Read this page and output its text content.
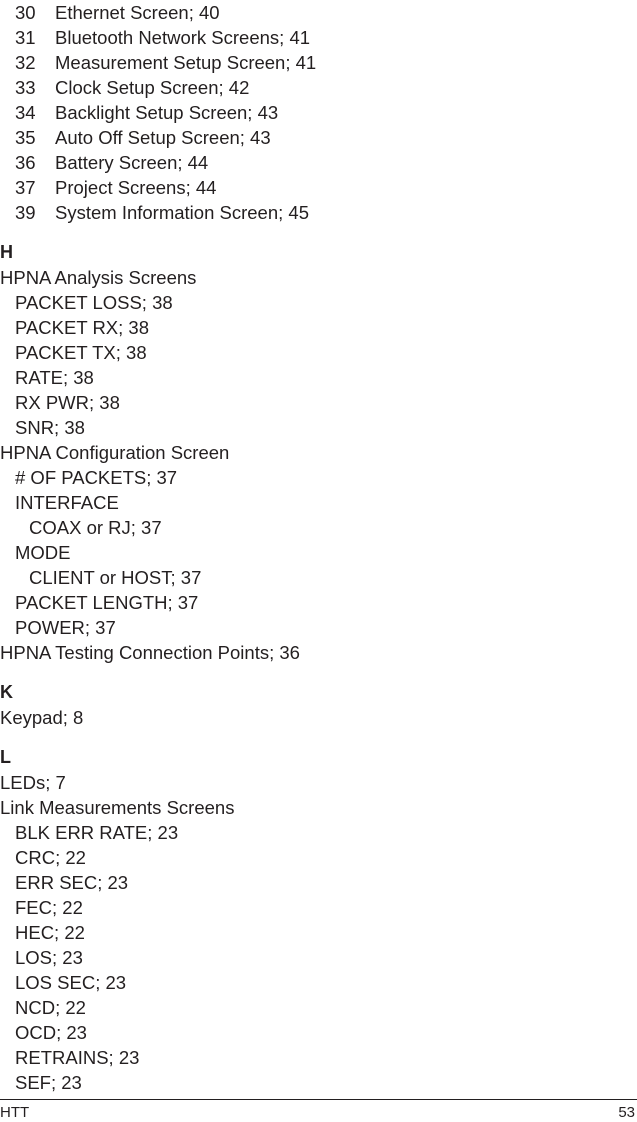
30 Ethernet Screen; 40
31 Bluetooth Network Screens; 41
32 Measurement Setup Screen; 41
33 Clock Setup Screen; 42
34 Backlight Setup Screen; 43
35 Auto Off Setup Screen; 43
36 Battery Screen; 44
37 Project Screens; 44
39 System Information Screen; 45
H
HPNA Analysis Screens
PACKET LOSS; 38
PACKET RX; 38
PACKET TX; 38
RATE; 38
RX PWR; 38
SNR; 38
HPNA Configuration Screen
# OF PACKETS; 37
INTERFACE
COAX or RJ; 37
MODE
CLIENT or HOST; 37
PACKET LENGTH; 37
POWER; 37
HPNA Testing Connection Points; 36
K
Keypad; 8
L
LEDs; 7
Link Measurements Screens
BLK ERR RATE; 23
CRC; 22
ERR SEC; 23
FEC; 22
HEC; 22
LOS; 23
LOS SEC; 23
NCD; 22
OCD; 23
RETRAINS; 23
SEF; 23
HTT	53
